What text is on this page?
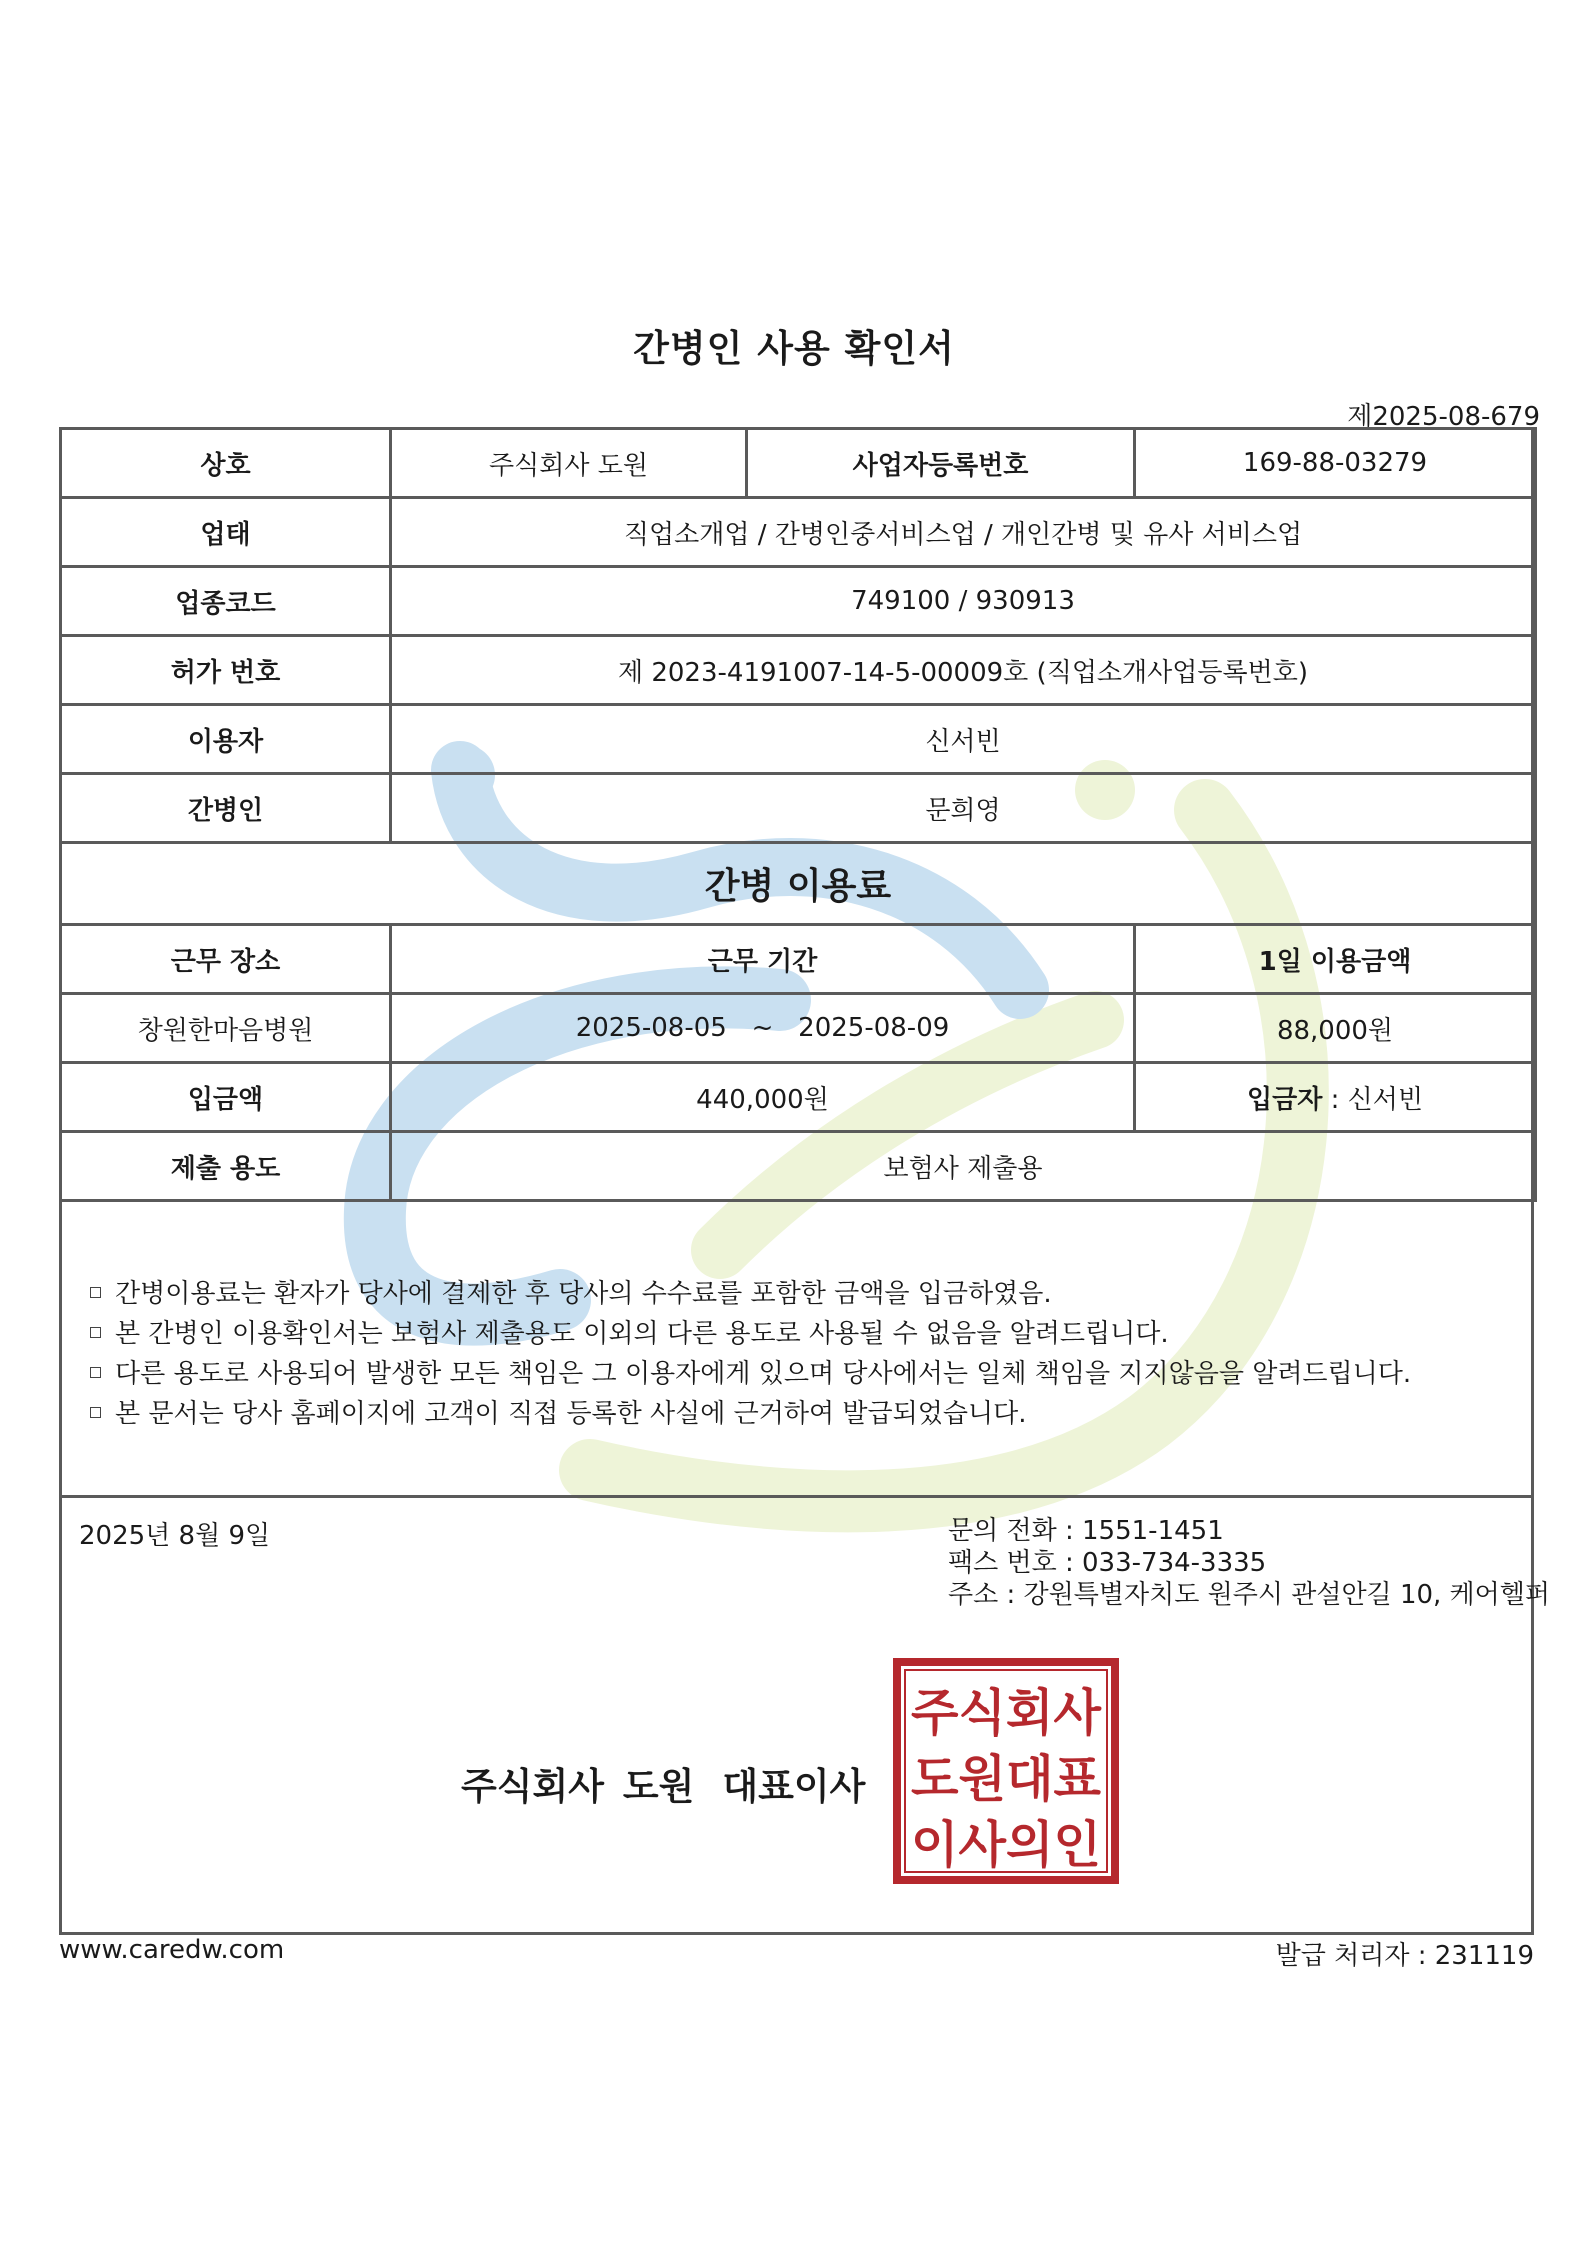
간병인 사용 확인서
제2025-08-679
상호	주식회사 도원	사업자등록번호	169-88-03279
업태	직업소개업 / 간병인중서비스업 / 개인간병 및 유사 서비스업		
업종코드	749100 / 930913		
허가 번호	제 2023-4191007-14-5-00009호 (직업소개사업등록번호)		
이용자	신서빈		
간병인	문희영		
간병 이용료			
근무 장소	근무 기간		1일 이용금액
창원한마음병원	2025-08-05   ~   2025-08-09		88,000원
입금액	440,000원		입금자 : 신서빈
제출 용도	보험사 제출용		
간병이용료는 환자가 당사에 결제한 후 당사의 수수료를 포함한 금액을 입금하였음.
본 간병인 이용확인서는 보험사 제출용도 이외의 다른 용도로 사용될 수 없음을 알려드립니다.
다른 용도로 사용되어 발생한 모든 책임은 그 이용자에게 있으며 당사에서는 일체 책임을 지지않음을 알려드립니다.
본 문서는 당사 홈페이지에 고객이 직접 등록한 사실에 근거하여 발급되었습니다.
2025년 8월 9일	문의 전화 : 1551-1451
팩스 번호 : 033-734-3335
주소 : 강원특별자치도 원주시 관설안길 10, 케어헬퍼
주식회사 도원 대표이사
주식회사
도원대표
이사의인
www.caredw.com	발급 처리자 : 231119
